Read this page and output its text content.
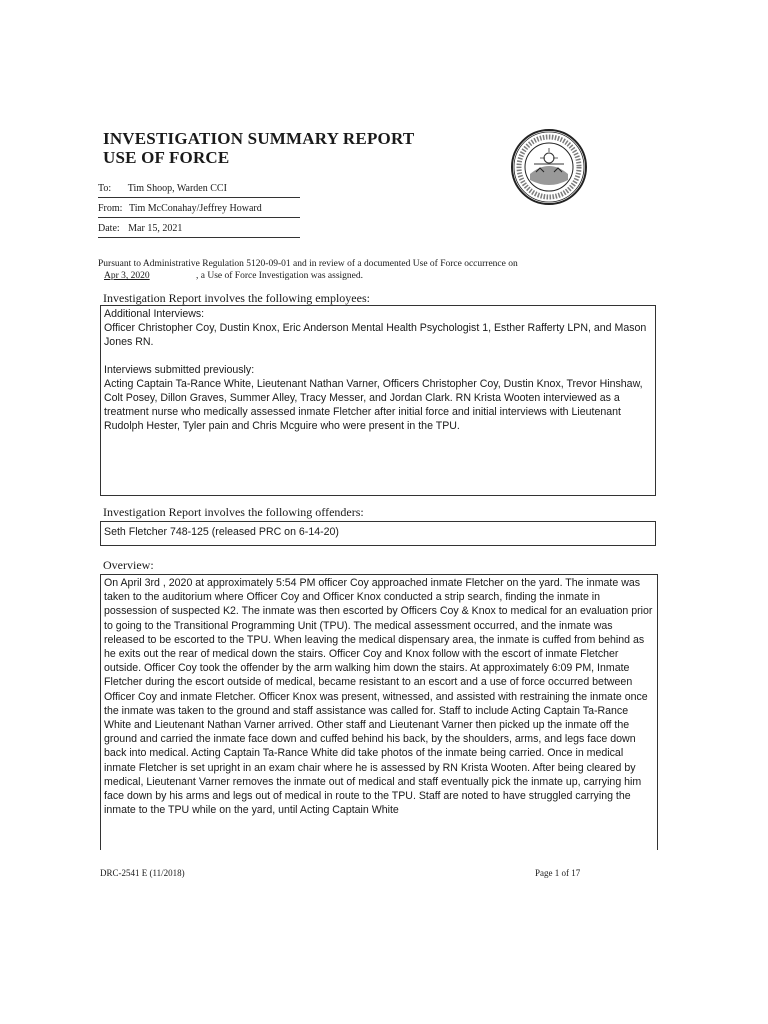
INVESTIGATION SUMMARY REPORT
USE OF FORCE
To: Tim Shoop, Warden CCI
From: Tim McConahay/Jeffrey Howard
Date: Mar 15, 2021
Pursuant to Administrative Regulation 5120-09-01 and in review of a documented Use of Force occurrence on
Apr 3, 2020	, a Use of Force Investigation was assigned.
Investigation Report involves the following employees:

Additional Interviews:

Officer Christopher Coy, Dustin Knox, Eric Anderson Mental Health Psychologist 1, Esther Rafferty LPN, and Mason Jones RN.

Interviews submitted previously:

Acting Captain Ta-Rance White, Lieutenant Nathan Varner, Officers Christopher Coy, Dustin Knox, Trevor Hinshaw, Colt Posey, Dillon Graves, Summer Alley, Tracy Messer, and Jordan Clark. RN Krista Wooten interviewed as a treatment nurse who medically assessed inmate Fletcher after initial force and initial interviews with Lieutenant Rudolph Hester, Tyler pain and Chris Mcguire who were present in the TPU.

Investigation Report involves the following offenders:

Seth Fletcher 748-125 (released PRC on 6-14-20)

Overview:

On April 3rd , 2020 at approximately 5:54 PM officer Coy approached inmate Fletcher on the yard. The inmate was taken to the auditorium where Officer Coy and Officer Knox conducted a strip search, finding the inmate in possession of suspected K2. The inmate was then escorted by Officers Coy & Knox to medical for an evaluation prior to going to the Transitional Programming Unit (TPU). The medical assessment occurred, and the inmate was released to be escorted to the TPU. When leaving the medical dispensary area, the inmate is cuffed from behind as he exits out the rear of medical down the stairs. Officer Coy and Knox follow with the escort of inmate Fletcher outside. Officer Coy took the offender by the arm walking him down the stairs. At approximately 6:09 PM, Inmate Fletcher during the escort outside of medical, became resistant to an escort and a use of force occurred between Officer Coy and inmate Fletcher. Officer Knox was present, witnessed, and assisted with restraining the inmate once the inmate was taken to the ground and staff assistance was called for. Staff to include Acting Captain Ta-Rance White and Lieutenant Nathan Varner arrived. Other staff and Lieutenant Varner then picked up the inmate off the ground and carried the inmate face down and cuffed behind his back, by the shoulders, arms, and legs face down back into medical. Acting Captain Ta-Rance White did take photos of the inmate being carried. Once in medical inmate Fletcher is set upright in an exam chair where he is assessed by RN Krista Wooten. After being cleared by medical, Lieutenant Varner removes the inmate out of medical and staff eventually pick the inmate up, carrying him face down by his arms and legs out of medical in route to the TPU. Staff are noted to have struggled carrying the inmate to the TPU while on the yard, until Acting Captain White

DRC-2541 E (11/2018)	Page 1 of 17
